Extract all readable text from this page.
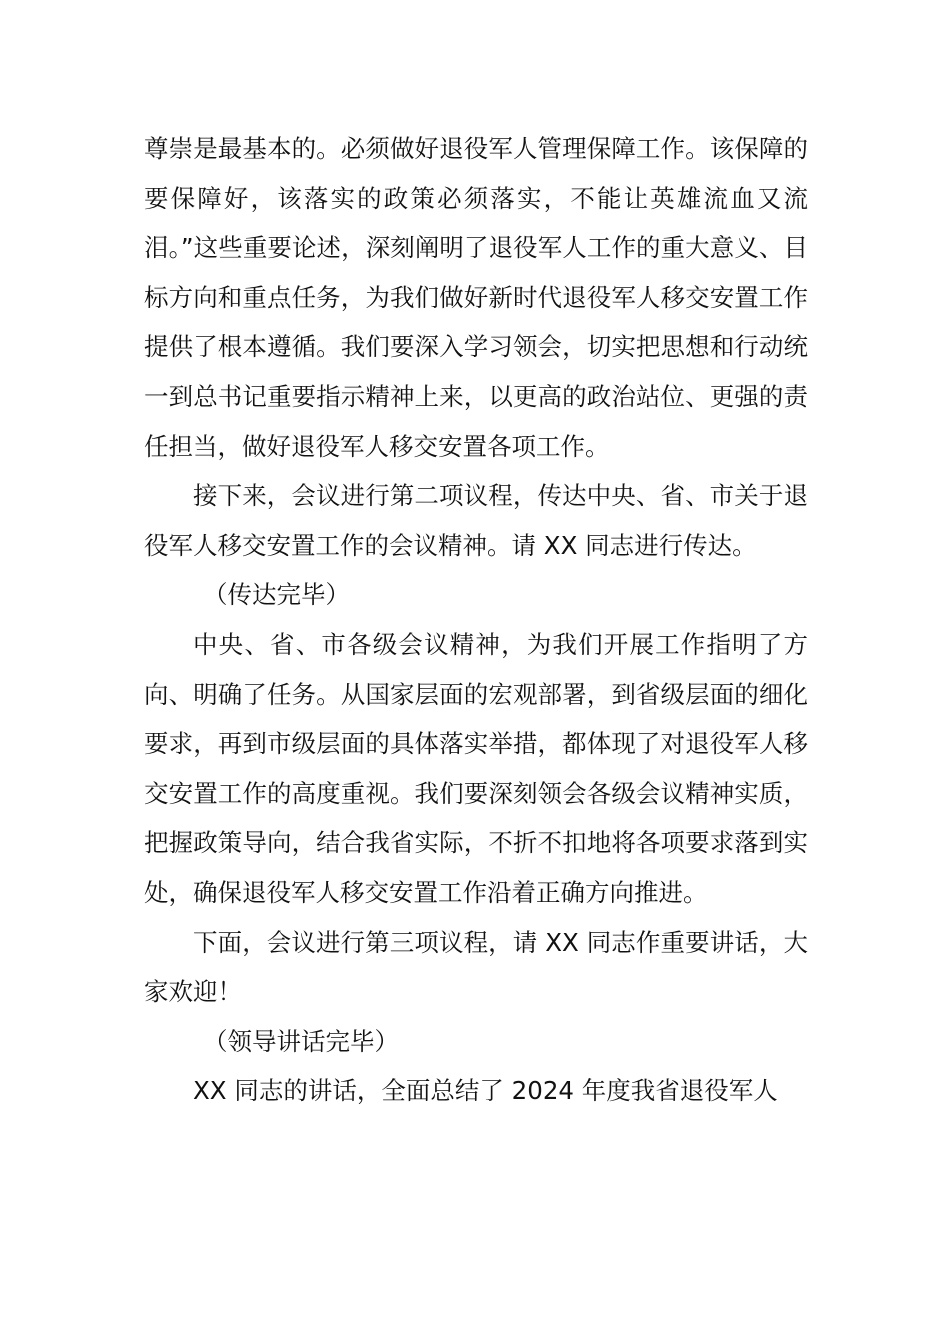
尊崇是最基本的。必须做好退役军人管理保障工作。该保障的要保障好，该落实的政策必须落实，不能让英雄流血又流泪。”这些重要论述，深刻阐明了退役军人工作的重大意义、目标方向和重点任务，为我们做好新时代退役军人移交安置工作提供了根本遵循。我们要深入学习领会，切实把思想和行动统一到总书记重要指示精神上来，以更高的政治站位、更强的责任担当，做好退役军人移交安置各项工作。

接下来，会议进行第二项议程，传达中央、省、市关于退役军人移交安置工作的会议精神。请 XX 同志进行传达。

（传达完毕）

中央、省、市各级会议精神，为我们开展工作指明了方向、明确了任务。从国家层面的宏观部署，到省级层面的细化要求，再到市级层面的具体落实举措，都体现了对退役军人移交安置工作的高度重视。我们要深刻领会各级会议精神实质，把握政策导向，结合我省实际，不折不扣地将各项要求落到实处，确保退役军人移交安置工作沿着正确方向推进。

下面，会议进行第三项议程，请 XX 同志作重要讲话，大家欢迎！

（领导讲话完毕）

XX 同志的讲话，全面总结了 2024 年度我省退役军人
